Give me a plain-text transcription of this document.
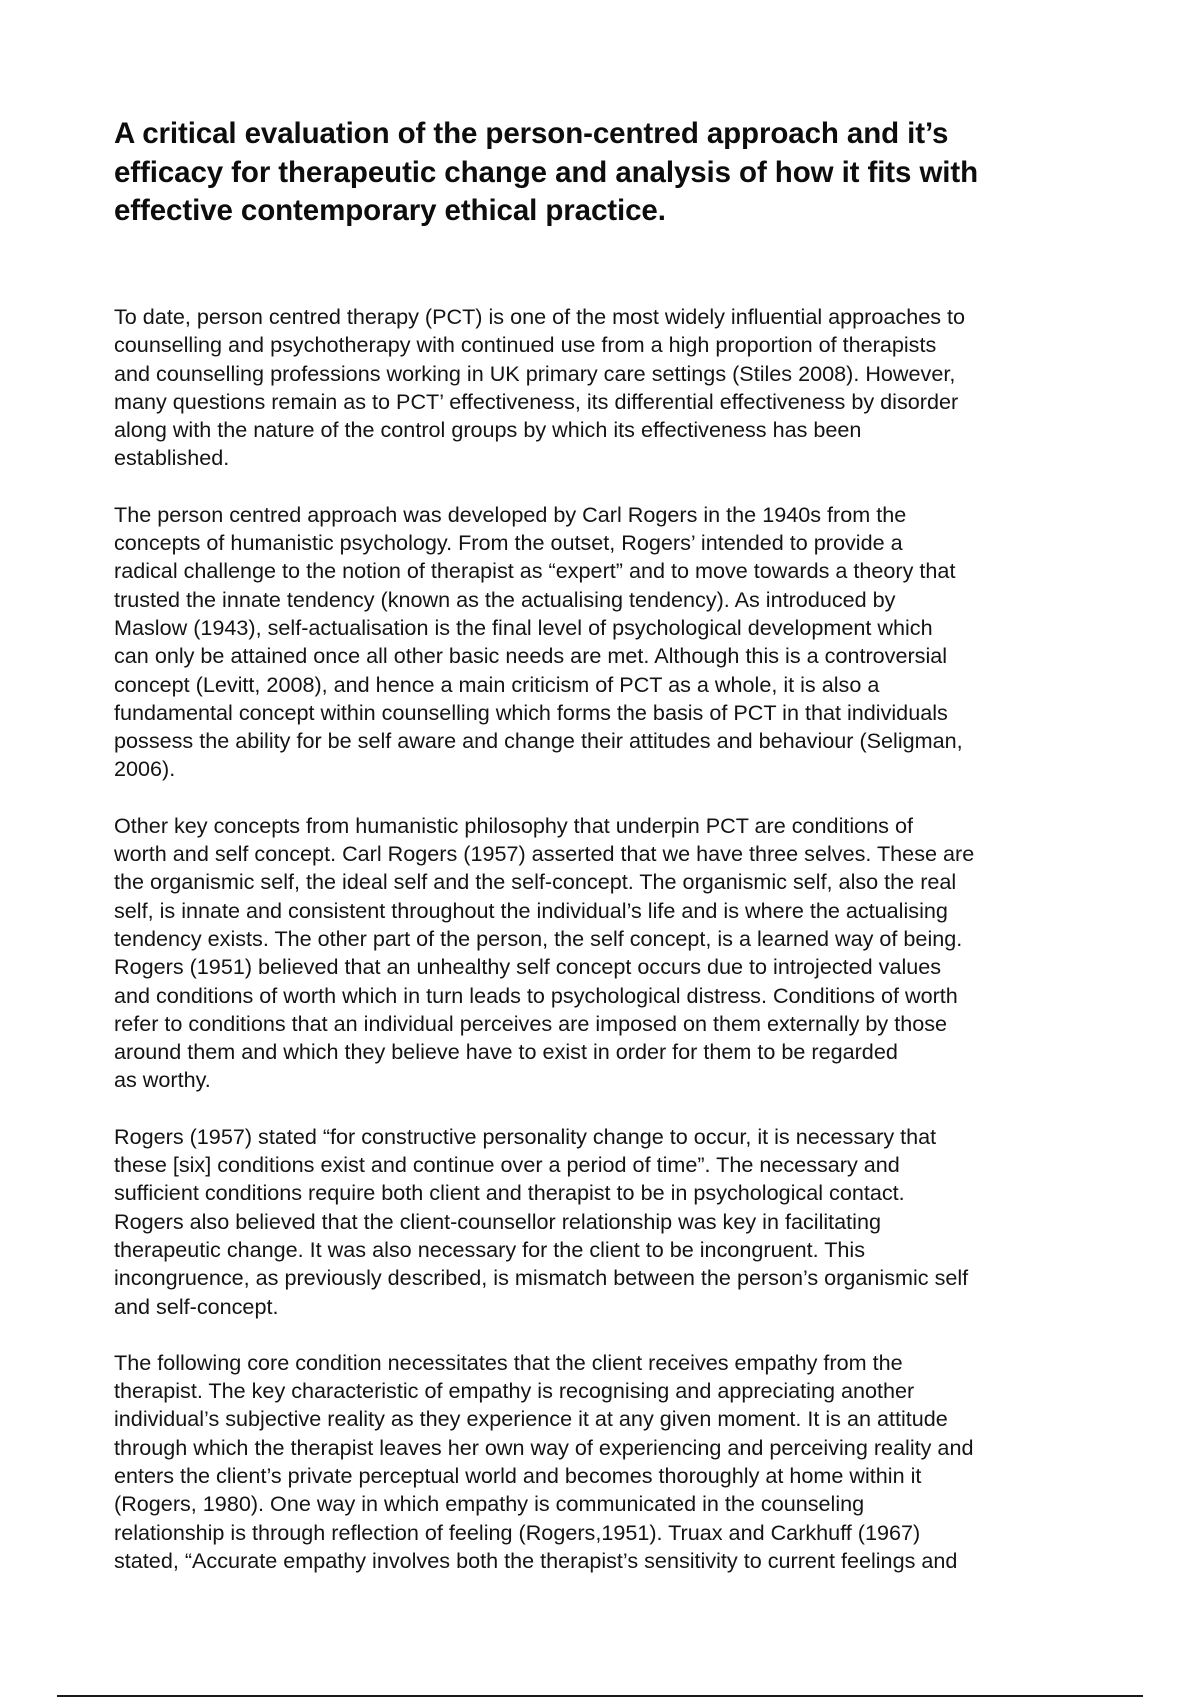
A critical evaluation of the person-centred approach and it’s
efficacy for therapeutic change and analysis of how it fits with
effective contemporary ethical practice.

To date, person centred therapy (PCT) is one of the most widely influential approaches to
counselling and psychotherapy with continued use from a high proportion of therapists
and counselling professions working in UK primary care settings (Stiles 2008). However,
many questions remain as to PCT’ effectiveness, its differential effectiveness by disorder
along with the nature of the control groups by which its effectiveness has been
established.

The person centred approach was developed by Carl Rogers in the 1940s from the
concepts of humanistic psychology. From the outset, Rogers’ intended to provide a
radical challenge to the notion of therapist as “expert” and to move towards a theory that
trusted the innate tendency (known as the actualising tendency). As introduced by
Maslow (1943), self-actualisation is the final level of psychological development which
can only be attained once all other basic needs are met. Although this is a controversial
concept (Levitt, 2008), and hence a main criticism of PCT as a whole, it is also a
fundamental concept within counselling which forms the basis of PCT in that individuals
possess the ability for be self aware and change their attitudes and behaviour (Seligman,
2006).

Other key concepts from humanistic philosophy that underpin PCT are conditions of
worth and self concept. Carl Rogers (1957) asserted that we have three selves. These are
the organismic self, the ideal self and the self-concept. The organismic self, also the real
self, is innate and consistent throughout the individual’s life and is where the actualising
tendency exists. The other part of the person, the self concept, is a learned way of being.
Rogers (1951) believed that an unhealthy self concept occurs due to introjected values
and conditions of worth which in turn leads to psychological distress. Conditions of worth
refer to conditions that an individual perceives are imposed on them externally by those
around them and which they believe have to exist in order for them to be regarded
as worthy.

Rogers (1957) stated “for constructive personality change to occur, it is necessary that
these [six] conditions exist and continue over a period of time”. The necessary and
sufficient conditions require both client and therapist to be in psychological contact.
Rogers also believed that the client-counsellor relationship was key in facilitating
therapeutic change. It was also necessary for the client to be incongruent. This
incongruence, as previously described, is mismatch between the person’s organismic self
and self-concept.

The following core condition necessitates that the client receives empathy from the
therapist. The key characteristic of empathy is recognising and appreciating another
individual’s subjective reality as they experience it at any given moment. It is an attitude
through which the therapist leaves her own way of experiencing and perceiving reality and
enters the client’s private perceptual world and becomes thoroughly at home within it
(Rogers, 1980). One way in which empathy is communicated in the counseling
relationship is through reflection of feeling (Rogers,1951). Truax and Carkhuff (1967)
stated, “Accurate empathy involves both the therapist’s sensitivity to current feelings and
